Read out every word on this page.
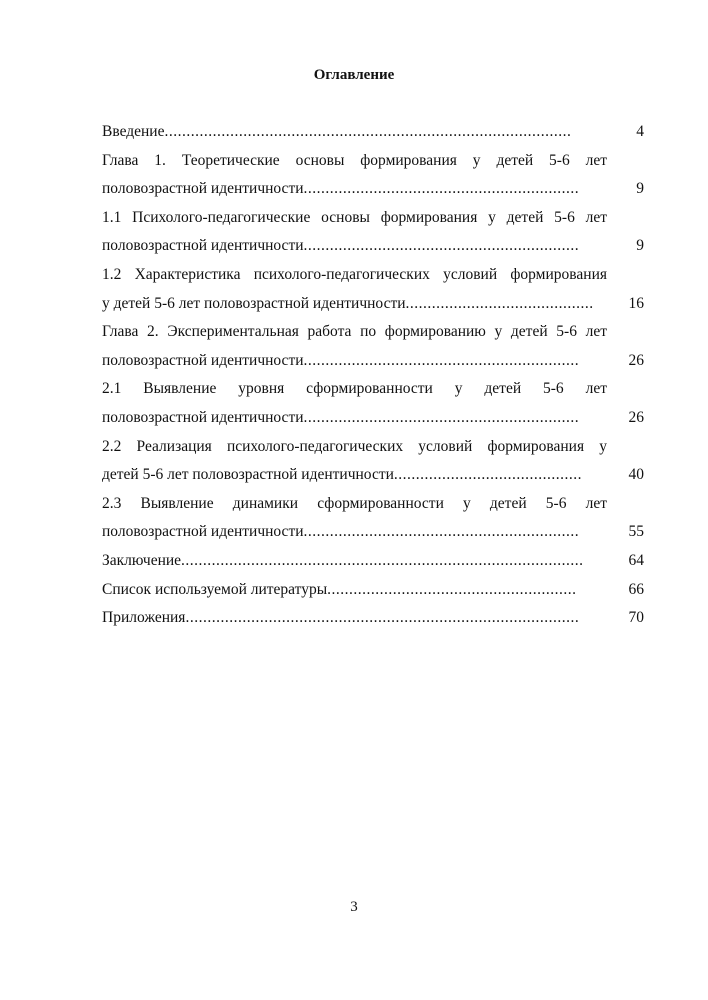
Оглавление
Введение.............................................................................................	4
Глава 1. Теоретические основы формирования у детей 5-6 лет
половозрастной идентичности...............................................................	9
1.1 Психолого-педагогические основы формирования у детей 5-6 лет
половозрастной идентичности...............................................................	9
1.2 Характеристика психолого-педагогических условий формирования
у детей 5-6 лет половозрастной идентичности........................................... 16
Глава 2. Экспериментальная работа по формированию у детей 5-6 лет
половозрастной идентичности...............................................................	26
2.1 Выявление уровня сформированности у детей 5-6 лет
половозрастной идентичности...............................................................	26
2.2 Реализация психолого-педагогических условий формирования у
детей 5-6 лет половозрастной идентичности...........................................	40
2.3 Выявление динамики сформированности у детей 5-6 лет
половозрастной идентичности...............................................................	55
Заключение............................................................................................	64
Список используемой литературы.........................................................	66
Приложения..........................................................................................	70
3
